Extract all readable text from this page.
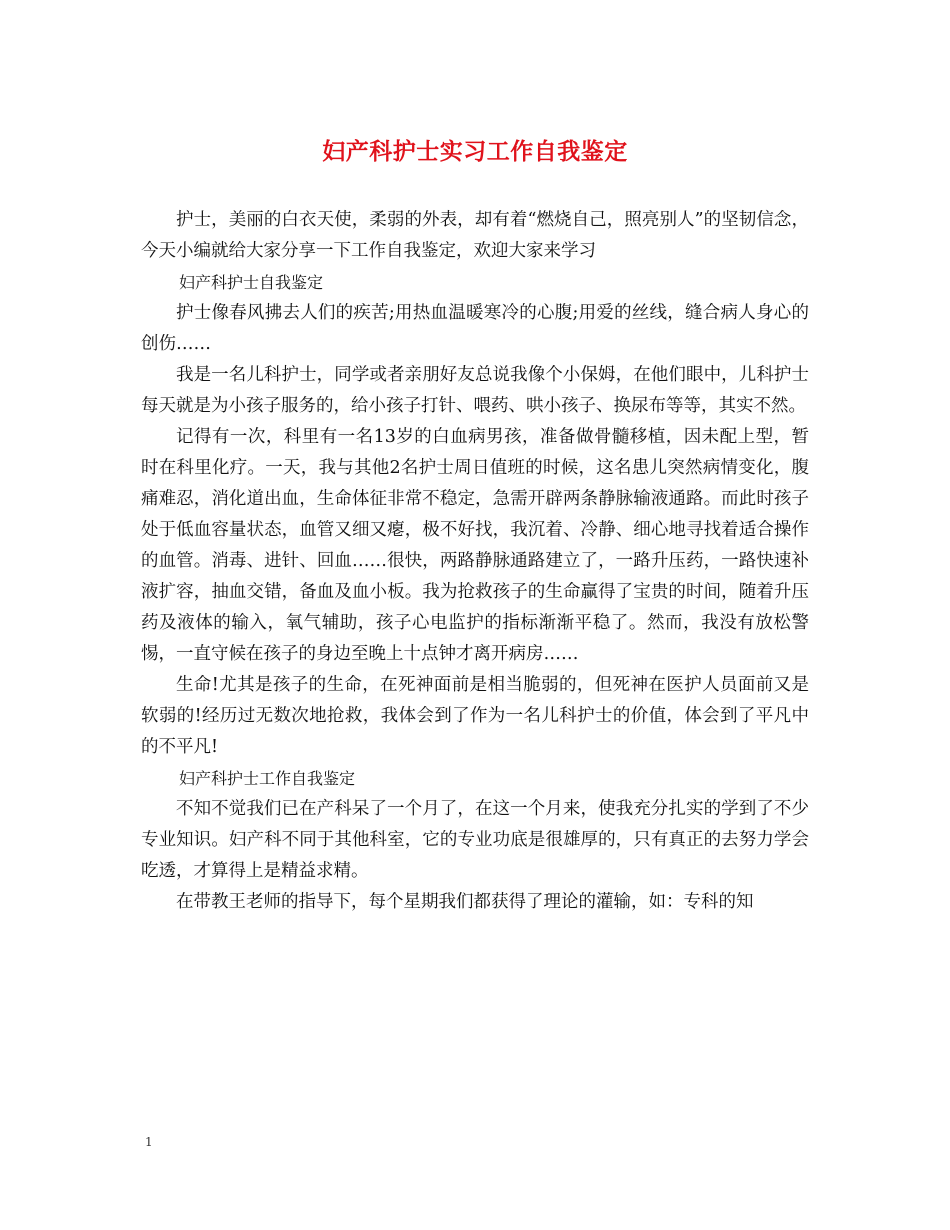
妇产科护士实习工作自我鉴定

护士，美丽的白衣天使，柔弱的外表，却有着“燃烧自己，照亮别人”的坚韧信念，今天小编就给大家分享一下工作自我鉴定，欢迎大家来学习

妇产科护士自我鉴定

护士像春风拂去人们的疾苦;用热血温暖寒冷的心腹;用爱的丝线，缝合病人身心的创伤……

我是一名儿科护士，同学或者亲朋好友总说我像个小保姆，在他们眼中，儿科护士每天就是为小孩子服务的，给小孩子打针、喂药、哄小孩子、换尿布等等，其实不然。

记得有一次，科里有一名13岁的白血病男孩，准备做骨髓移植，因未配上型，暂时在科里化疗。一天，我与其他2名护士周日值班的时候，这名患儿突然病情变化，腹痛难忍，消化道出血，生命体征非常不稳定，急需开辟两条静脉输液通路。而此时孩子处于低血容量状态，血管又细又瘪，极不好找，我沉着、冷静、细心地寻找着适合操作的血管。消毒、进针、回血……很快，两路静脉通路建立了，一路升压药，一路快速补液扩容，抽血交错，备血及血小板。我为抢救孩子的生命赢得了宝贵的时间，随着升压药及液体的输入，氧气辅助，孩子心电监护的指标渐渐平稳了。然而，我没有放松警惕，一直守候在孩子的身边至晚上十点钟才离开病房……

生命!尤其是孩子的生命，在死神面前是相当脆弱的，但死神在医护人员面前又是软弱的!经历过无数次地抢救，我体会到了作为一名儿科护士的价值，体会到了平凡中的不平凡!

妇产科护士工作自我鉴定

不知不觉我们已在产科呆了一个月了，在这一个月来，使我充分扎实的学到了不少专业知识。妇产科不同于其他科室，它的专业功底是很雄厚的，只有真正的去努力学会吃透，才算得上是精益求精。

在带教王老师的指导下，每个星期我们都获得了理论的灌输，如：专科的知

1
